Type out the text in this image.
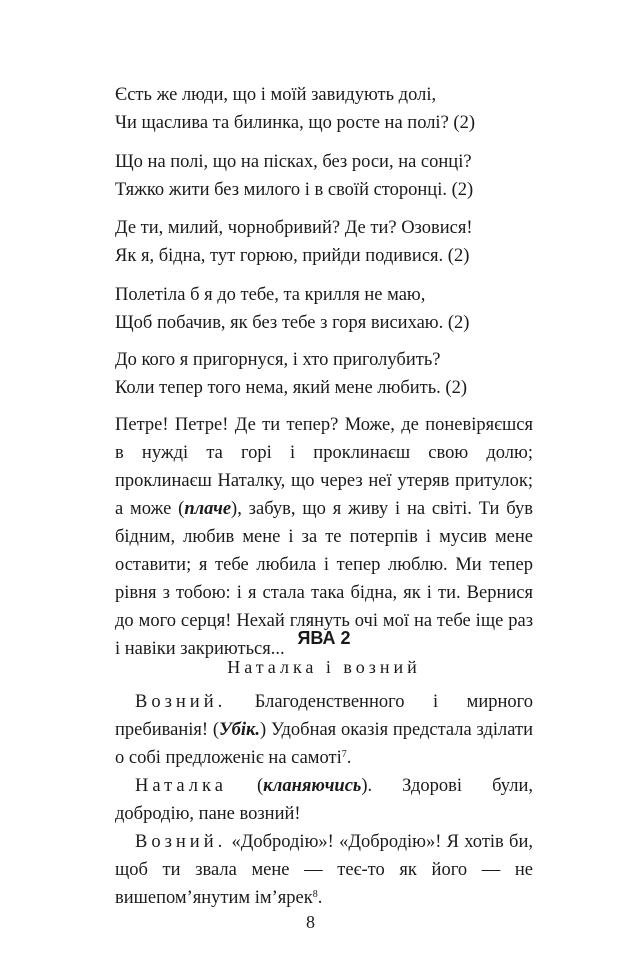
Єсть же люди, що і моїй завидують долі,
Чи щаслива та билинка, що росте на полі? (2)
Що на полі, що на пісках, без роси, на сонці?
Тяжко жити без милого і в своїй сторонці. (2)
Де ти, милий, чорнобривий? Де ти? Озовися!
Як я, бідна, тут горюю, прийди подивися. (2)
Полетіла б я до тебе, та крилля не маю,
Щоб побачив, як без тебе з горя висихаю. (2)
До кого я пригорнуся, і хто приголубить?
Коли тепер того нема, який мене любить. (2)

Петре! Петре! Де ти тепер? Може, де поневіряєшся в нужді та горі і проклинаєш свою долю; проклинаєш Наталку, що через неї утеряв притулок; а може (плаче), забув, що я живу і на світі. Ти був бідним, любив мене і за те потерпів і мусив мене оставити; я тебе любила і тепер люблю. Ми тепер рівня з тобою: і я стала така бідна, як і ти. Вернися до мого серця! Нехай глянуть очі мої на тебе іще раз і навіки закриються...

ЯВА 2
Наталка і возний

Возний. Благоденственного і мирного пребиванія! (Убік.) Удобная оказія предстала зділати о собі предложеніє на самоті$^7$.

Наталка (кланяючись). Здорові були, добродію, пане возний!

Возний. «Добродію»! «Добродію»! Я хотів би, щоб ти звала мене — теє-то як його — не вишепом’янутим ім’ярек$^8$.

8
